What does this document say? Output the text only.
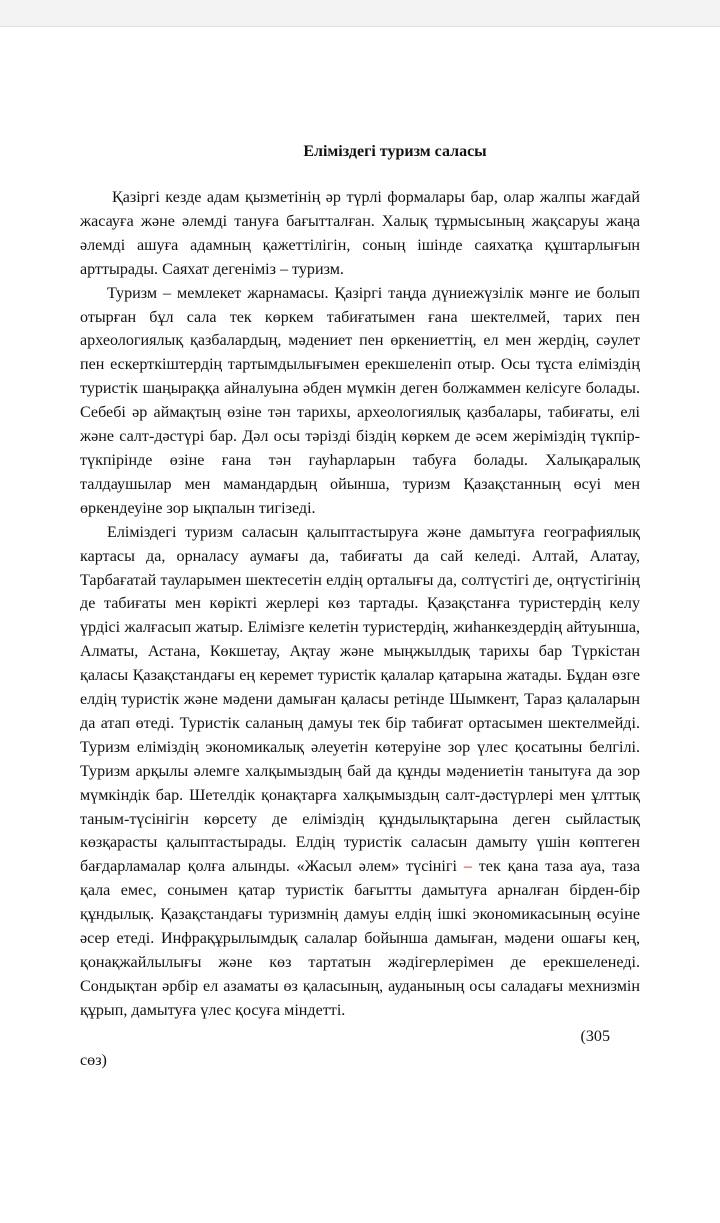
Еліміздегі туризм саласы

Қазіргі кезде адам қызметінің әр түрлі формалары бар, олар жалпы жағдай жасауға және әлемді тануға бағытталған. Халық тұрмысының жақсаруы жаңа әлемді ашуға адамның қажеттілігін, соның ішінде саяхатқа құштарлығын арттырады. Саяхат дегеніміз – туризм.

Туризм – мемлекет жарнамасы. Қазіргі таңда дүниежүзілік мәнге ие болып отырған бұл сала тек көркем табиғатымен ғана шектелмей, тарих пен археологиялық қазбалардың, мәдениет пен өркениеттің, ел мен жердің, сәулет пен ескерткіштердің тартымдылығымен ерекшеленіп отыр. Осы тұста еліміздің туристік шаңыраққа айналуына әбден мүмкін деген болжаммен келісуге болады. Себебі әр аймақтың өзіне тән тарихы, археологиялық қазбалары, табиғаты, елі және салт-дәстүрі бар. Дәл осы тәрізді біздің көркем де әсем жеріміздің түкпір-түкпірінде өзіне ғана тән гауһарларын табуға болады. Халықаралық талдаушылар мен мамандардың ойынша, туризм Қазақстанның өсуі мен өркендеуіне зор ықпалын тигізеді.

Еліміздегі туризм саласын қалыптастыруға және дамытуға географиялық картасы да, орналасу аумағы да, табиғаты да сай келеді. Алтай, Алатау, Тарбағатай тауларымен шектесетін елдің орталығы да, солтүстігі де, оңтүстігінің де табиғаты мен көрікті жерлері көз тартады. Қазақстанға туристердің келу үрдісі жалғасып жатыр. Елімізге келетін туристердің, жиһанкездердің айтуынша, Алматы, Астана, Көкшетау, Ақтау және мыңжылдық тарихы бар Түркістан қаласы Қазақстандағы ең керемет туристік қалалар қатарына жатады. Бұдан өзге елдің туристік және мәдени дамыған қаласы ретінде Шымкент, Тараз қалаларын да атап өтеді. Туристік саланың дамуы тек бір табиғат ортасымен шектелмейді. Туризм еліміздің экономикалық әлеуетін көтеруіне зор үлес қосатыны белгілі. Туризм арқылы әлемге халқымыздың бай да құнды мәдениетін танытуға да зор мүмкіндік бар. Шетелдік қонақтарға халқымыздың салт-дәстүрлері мен ұлттық таным-түсінігін көрсету де еліміздің құндылықтарына деген сыйластық көзқарасты қалыптастырады. Елдің туристік саласын дамыту үшін көптеген бағдарламалар қолға алынды. «Жасыл әлем» түсінігі – тек қана таза ауа, таза қала емес, сонымен қатар туристік бағытты дамытуға арналған бірден-бір құндылық. Қазақстандағы туризмнің дамуы елдің ішкі экономикасының өсуіне әсер етеді. Инфрақұрылымдық салалар бойынша дамыған, мәдени ошағы кең, қонақжайлылығы және көз тартатын жәдігерлерімен де ерекшеленеді. Сондықтан әрбір ел азаматы өз қаласының, ауданының осы саладағы мехнизмін құрып, дамытуға үлес қосуға міндетті.

(305
сөз)
